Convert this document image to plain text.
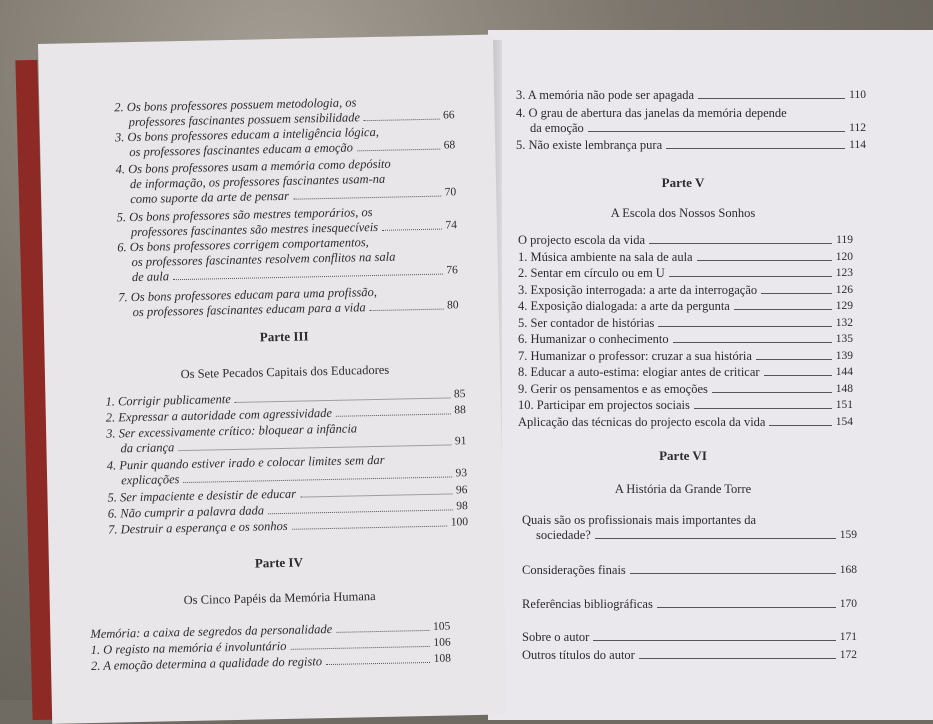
3. A memória não pode ser apagada	110
4. O grau de abertura das janelas da memória depende
da emoção	112
5. Não existe lembrança pura	114
Parte V
A Escola dos Nossos Sonhos
O projecto escola da vida	119
1. Música ambiente na sala de aula	120
2. Sentar em círculo ou em U	123
3. Exposição interrogada: a arte da interrogação	126
4. Exposição dialogada: a arte da pergunta	129
5. Ser contador de histórias	132
6. Humanizar o conhecimento	135
7. Humanizar o professor: cruzar a sua história	139
8. Educar a auto-estima: elogiar antes de criticar	144
9. Gerir os pensamentos e as emoções	148
10. Participar em projectos sociais	151
Aplicação das técnicas do projecto escola da vida	154
Parte VI
A História da Grande Torre
Quais são os profissionais mais importantes da
sociedade?	159
Considerações finais	168
Referências bibliográficas	170
Sobre o autor	171
Outros títulos do autor	172
2. Os bons professores possuem metodologia, os
professores fascinantes possuem sensibilidade	66
3. Os bons professores educam a inteligência lógica,
os professores fascinantes educam a emoção	68
4. Os bons professores usam a memória como depósito
de informação, os professores fascinantes usam-na
como suporte da arte de pensar	70
5. Os bons professores são mestres temporários, os
professores fascinantes são mestres inesquecíveis	74
6. Os bons professores corrigem comportamentos,
os professores fascinantes resolvem conflitos na sala
de aula	76
7. Os bons professores educam para uma profissão,
os professores fascinantes educam para a vida	80
Parte III
Os Sete Pecados Capitais dos Educadores
1. Corrigir publicamente	85
2. Expressar a autoridade com agressividade	88
3. Ser excessivamente crítico: bloquear a infância
da criança	91
4. Punir quando estiver irado e colocar limites sem dar
explicações	93
5. Ser impaciente e desistir de educar	96
6. Não cumprir a palavra dada	98
7. Destruir a esperança e os sonhos	100
Parte IV
Os Cinco Papéis da Memória Humana
Memória: a caixa de segredos da personalidade	105
1. O registo na memória é involuntário	106
2. A emoção determina a qualidade do registo	108
